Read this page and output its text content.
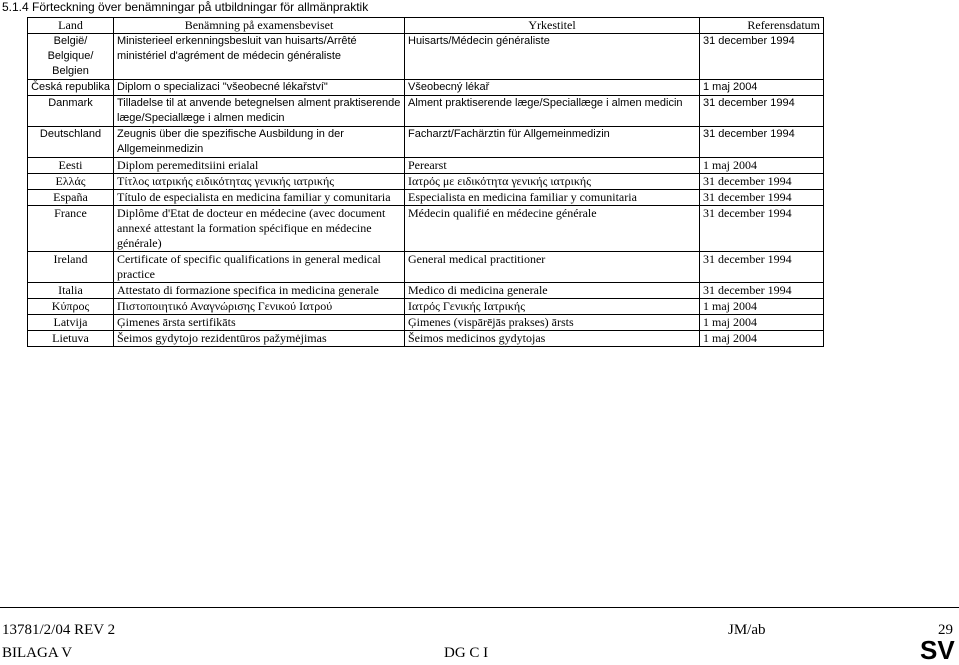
5.1.4 Förteckning över benämningar på utbildningar för allmänpraktik
Land	Benämning på examensbeviset	Yrkestitel	Referensdatum
België/ Belgique/ Belgien	Ministerieel erkenningsbesluit van huisarts/Arrêté ministériel d'agrément de médecin généraliste	Huisarts/Médecin généraliste	31 december 1994
Česká republika	Diplom o specializaci "všeobecné lékařství"	Všeobecný lékař	1 maj 2004
Danmark	Tilladelse til at anvende betegnelsen alment praktiserende læge/Speciallæge i almen medicin	Alment praktiserende læge/Speciallæge i almen medicin	31 december 1994
Deutschland	Zeugnis über die spezifische Ausbildung in der Allgemeinmedizin	Facharzt/Fachärztin für Allgemeinmedizin	31 december 1994
Eesti	Diplom peremeditsiini erialal	Perearst	1 maj 2004
Ελλάς	Τίτλος ιατρικής ειδικότητας γενικής ιατρικής	Ιατρός με ειδικότητα γενικής ιατρικής	31 december 1994
España	Título de especialista en medicina familiar y comunitaria	Especialista en medicina familiar y comunitaria	31 december 1994
France	Diplôme d'Etat de docteur en médecine (avec document annexé attestant la formation spécifique en médecine générale)	Médecin qualifié en médecine générale	31 december 1994
Ireland	Certificate of specific qualifications in general medical practice	General medical practitioner	31 december 1994
Italia	Attestato di formazione specifica in medicina generale	Medico di medicina generale	31 december 1994
Κύπρος	Πιστοποιητικό Αναγνώρισης Γενικού Ιατρού	Ιατρός Γενικής Ιατρικής	1 maj 2004
Latvija	Ģimenes ārsta sertifikāts	Ģimenes (vispārējās prakses) ārsts	1 maj 2004
Lietuva	Šeimos gydytojo rezidentūros pažymėjimas	Šeimos medicinos gydytojas	1 maj 2004
13781/2/04 REV 2	JM/ab	29
BILAGA V	DG C I	SV
